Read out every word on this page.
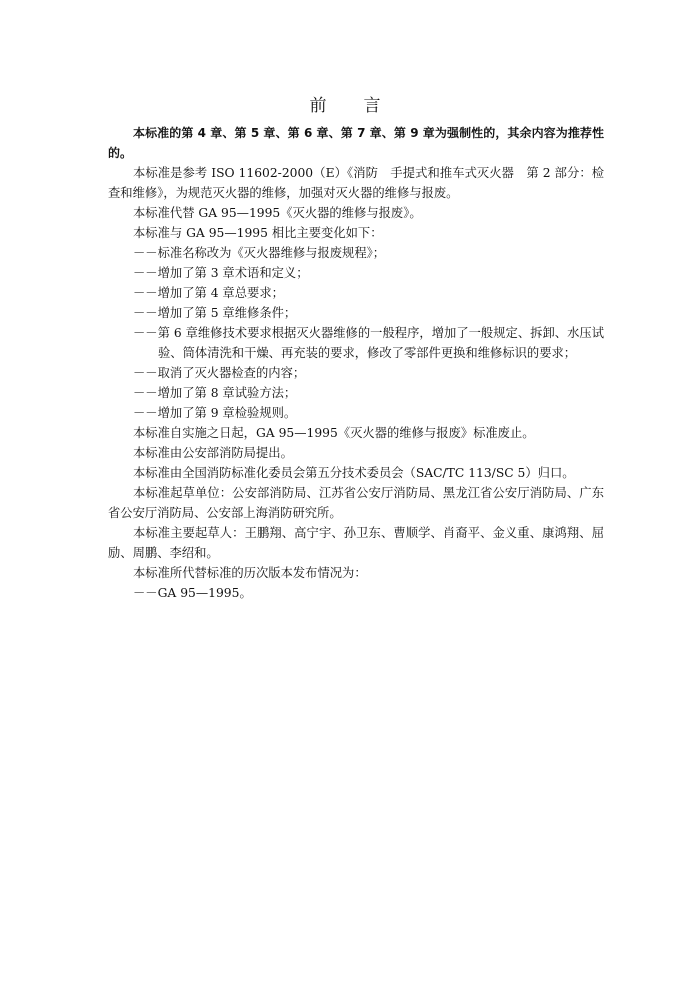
前　言

本标准的第 4 章、第 5 章、第 6 章、第 7 章、第 9 章为强制性的，其余内容为推荐性的。

本标准是参考 ISO 11602-2000（E）《消防　手提式和推车式灭火器　第 2 部分：检查和维修》，为规范灭火器的维修，加强对灭火器的维修与报废。

本标准代替 GA 95—1995《灭火器的维修与报废》。

本标准与 GA 95—1995 相比主要变化如下：

－－标准名称改为《灭火器维修与报废规程》；

－－增加了第 3 章术语和定义；

－－增加了第 4 章总要求；

－－增加了第 5 章维修条件；

－－第 6 章维修技术要求根据灭火器维修的一般程序，增加了一般规定、拆卸、水压试验、筒体清洗和干燥、再充装的要求，修改了零部件更换和维修标识的要求；

－－取消了灭火器检查的内容；

－－增加了第 8 章试验方法；

－－增加了第 9 章检验规则。

本标准自实施之日起，GA 95—1995《灭火器的维修与报废》标准废止。

本标准由公安部消防局提出。

本标准由全国消防标准化委员会第五分技术委员会（SAC/TC 113/SC 5）归口。

本标准起草单位：公安部消防局、江苏省公安厅消防局、黑龙江省公安厅消防局、广东省公安厅消防局、公安部上海消防研究所。

本标准主要起草人：王鹏翔、高宁宇、孙卫东、曹顺学、肖裔平、金义重、康鸿翔、屈励、周鹏、李绍和。

本标准所代替标准的历次版本发布情况为：

－－GA 95—1995。
